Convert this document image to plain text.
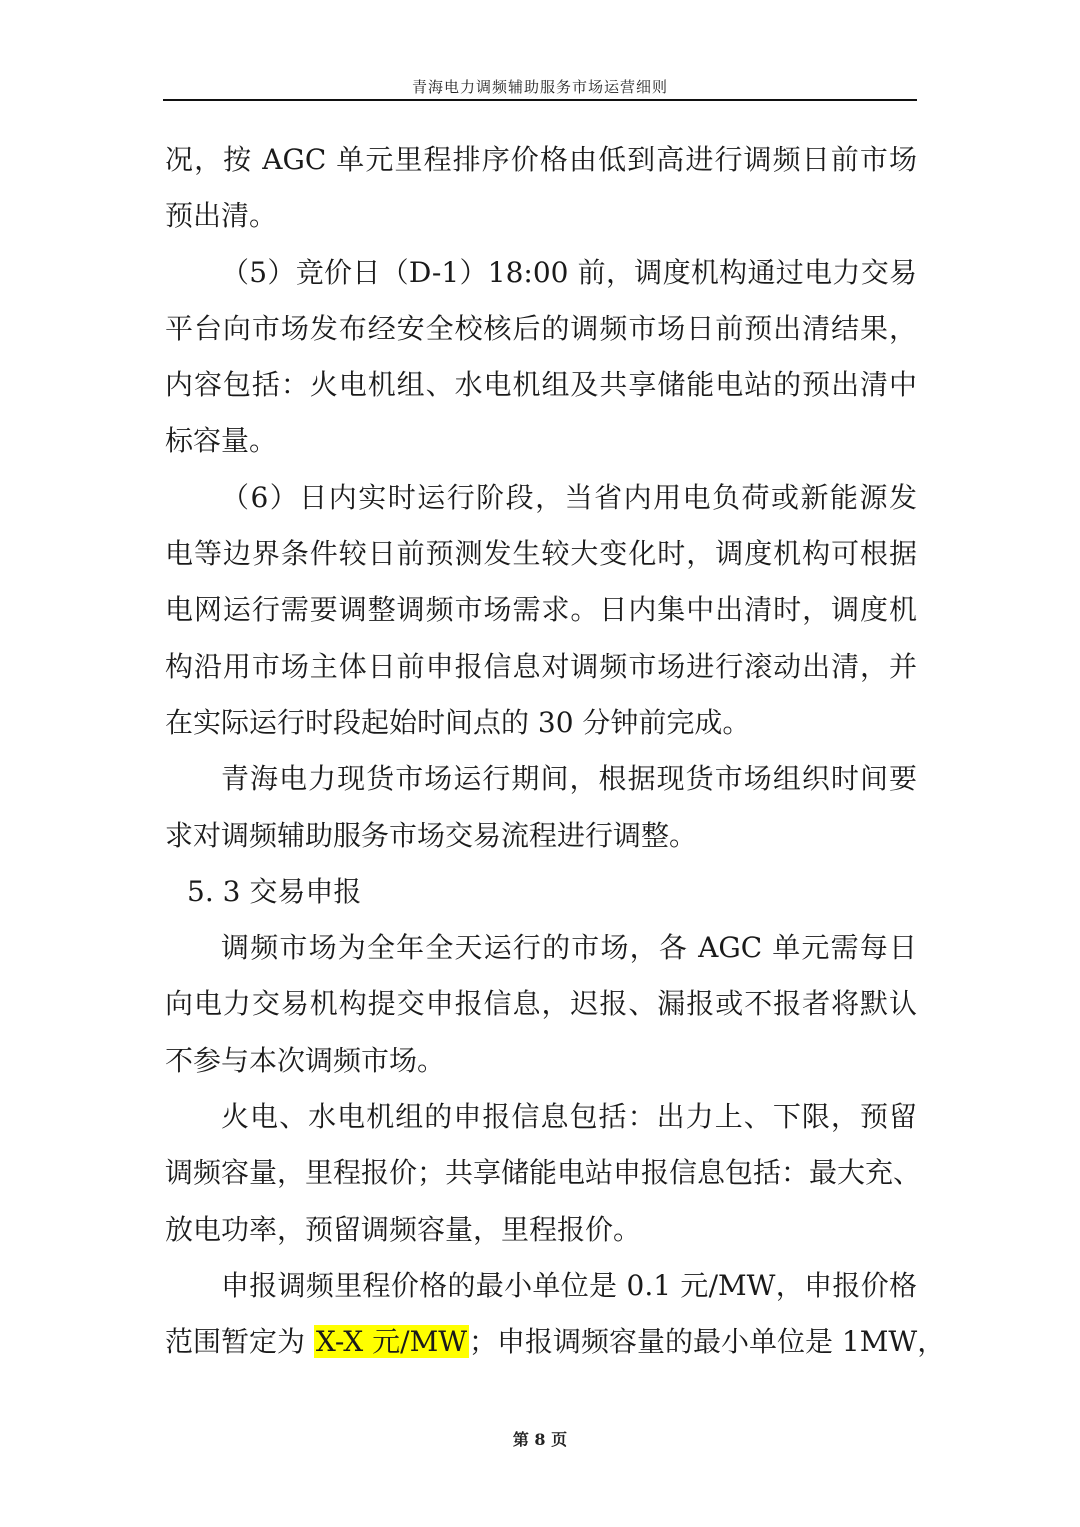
青海电力调频辅助服务市场运营细则
况，按 AGC 单元里程排序价格由低到高进行调频日前市场
预出清。
（5）竞价日（D-1）18:00 前，调度机构通过电力交易
平台向市场发布经安全校核后的调频市场日前预出清结果，
内容包括：火电机组、水电机组及共享储能电站的预出清中
标容量。
（6）日内实时运行阶段，当省内用电负荷或新能源发
电等边界条件较日前预测发生较大变化时，调度机构可根据
电网运行需要调整调频市场需求。日内集中出清时，调度机
构沿用市场主体日前申报信息对调频市场进行滚动出清，并
在实际运行时段起始时间点的 30 分钟前完成。
青海电力现货市场运行期间，根据现货市场组织时间要
求对调频辅助服务市场交易流程进行调整。
5. 3 交易申报
调频市场为全年全天运行的市场，各 AGC 单元需每日
向电力交易机构提交申报信息，迟报、漏报或不报者将默认
不参与本次调频市场。
火电、水电机组的申报信息包括：出力上、下限，预留
调频容量，里程报价；共享储能电站申报信息包括：最大充、
放电功率，预留调频容量，里程报价。
申报调频里程价格的最小单位是 0.1 元/MW，申报价格
范围暂定为 X-X 元/MW；申报调频容量的最小单位是 1MW，
第 8 页
